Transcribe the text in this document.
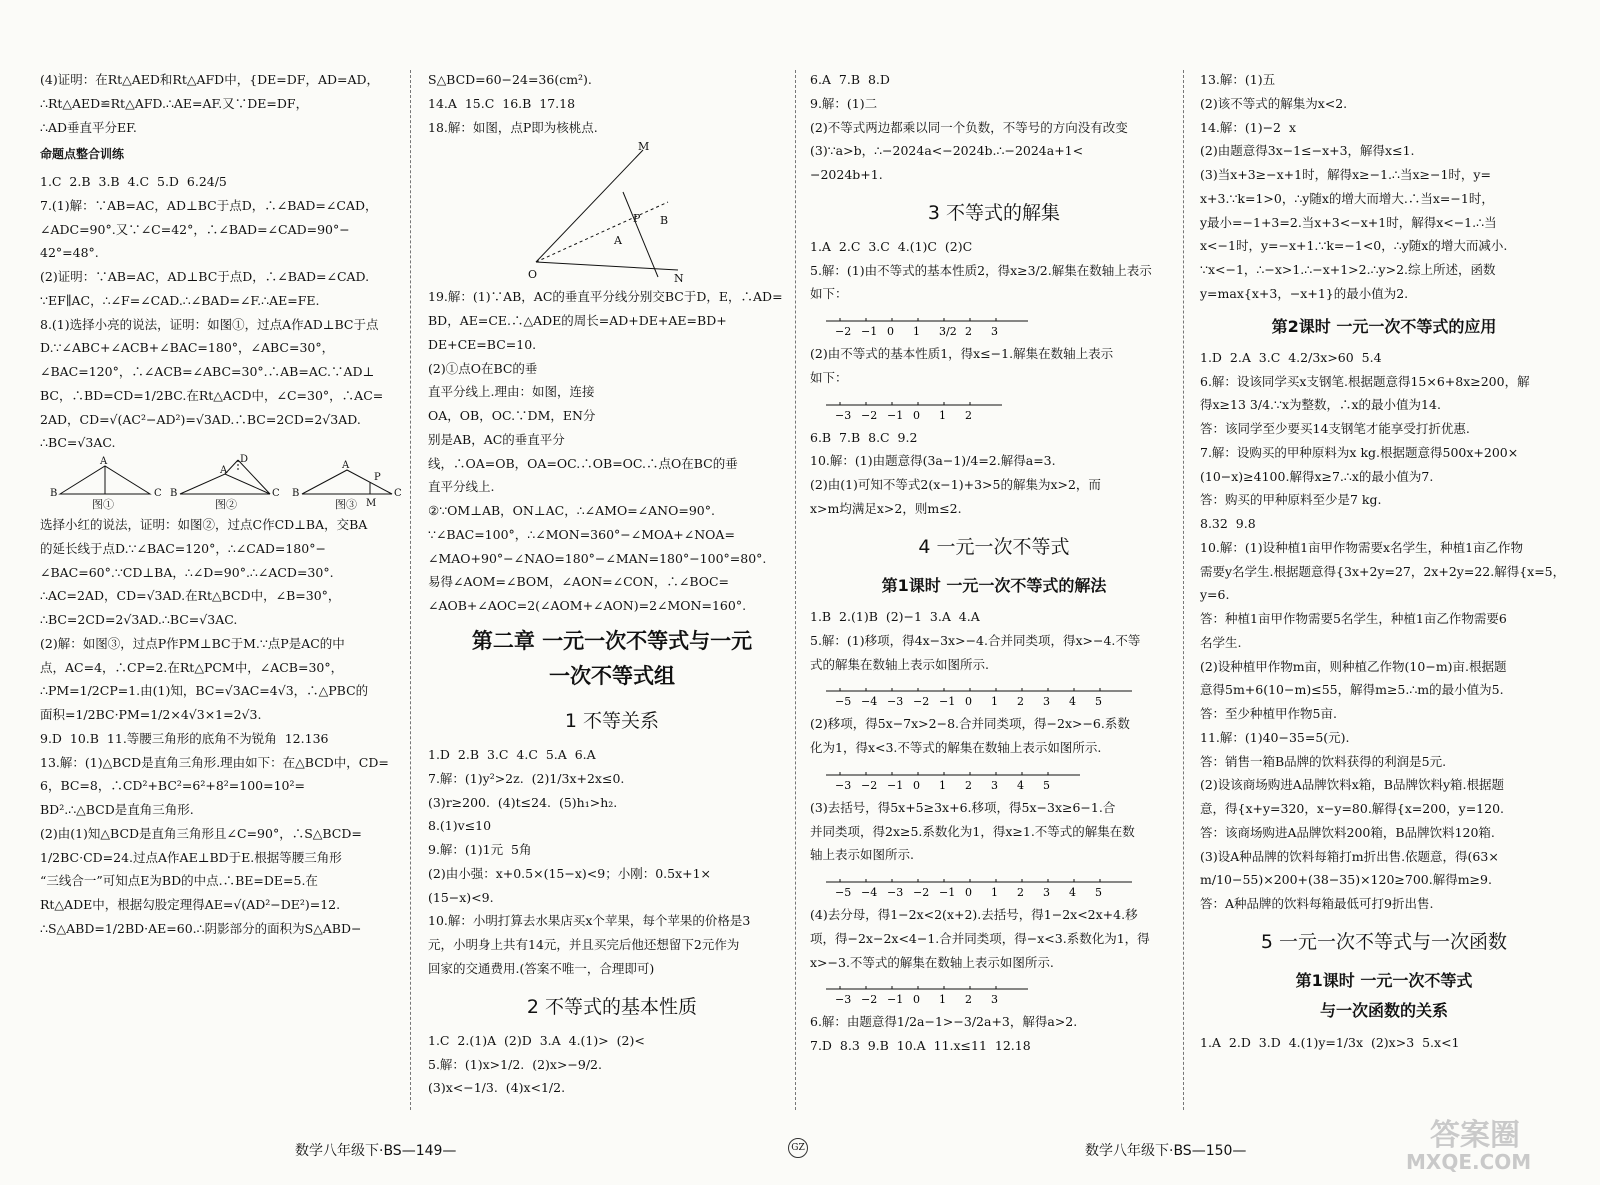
(4)证明：在Rt△AED和Rt△AFD中，{DE=DF，AD=AD，

∴Rt△AED≌Rt△AFD.∴AE=AF.又∵DE=DF，

∴AD垂直平分EF.

命题点整合训练

1.C  2.B  3.B  4.C  5.D  6.24/5

7.(1)解：∵AB=AC，AD⊥BC于点D，∴∠BAD=∠CAD，

∠ADC=90°.又∵∠C=42°，∴∠BAD=∠CAD=90°−

42°=48°.

(2)证明：∵AB=AC，AD⊥BC于点D，∴∠BAD=∠CAD.

∵EF∥AC，∴∠F=∠CAD.∴∠BAD=∠F.∴AE=FE.

8.(1)选择小亮的说法，证明：如图①，过点A作AD⊥BC于点

D.∵∠ABC+∠ACB+∠BAC=180°，∠ABC=30°，

∠BAC=120°，∴∠ACB=∠ABC=30°.∴AB=AC.∵AD⊥

BC，∴BD=CD=1/2BC.在Rt△ACD中，∠C=30°，∴AC=

2AD，CD=√(AC²−AD²)=√3AD.∴BC=2CD=2√3AD.

∴BC=√3AC.

A
B	C
A
D
B	C
A
P
B
M
C
图①	图②	图③

选择小红的说法，证明：如图②，过点C作CD⊥BA，交BA

的延长线于点D.∵∠BAC=120°，∴∠CAD=180°−

∠BAC=60°.∵CD⊥BA，∴∠D=90°.∴∠ACD=30°.

∴AC=2AD，CD=√3AD.在Rt△BCD中，∠B=30°，

∴BC=2CD=2√3AD.∴BC=√3AC.

(2)解：如图③，过点P作PM⊥BC于M.∵点P是AC的中

点，AC=4，∴CP=2.在Rt△PCM中，∠ACB=30°，

∴PM=1/2CP=1.由(1)知，BC=√3AC=4√3，∴△PBC的

面积=1/2BC·PM=1/2×4√3×1=2√3.

9.D  10.B  11.等腰三角形的底角不为锐角  12.136

13.解：(1)△BCD是直角三角形.理由如下：在△BCD中，CD=

6，BC=8，∴CD²+BC²=6²+8²=100=10²=

BD².∴△BCD是直角三角形.

(2)由(1)知△BCD是直角三角形且∠C=90°，∴S△BCD=

1/2BC·CD=24.过点A作AE⊥BD于E.根据等腰三角形

“三线合一”可知点E为BD的中点.∴BE=DE=5.在

Rt△ADE中，根据勾股定理得AE=√(AD²−DE²)=12.

∴S△ABD=1/2BD·AE=60.∴阴影部分的面积为S△ABD−

S△BCD=60−24=36(cm²).

14.A  15.C  16.B  17.18

18.解：如图，点P即为核桃点.

M
P B
A
O	N

19.解：(1)∵AB，AC的垂直平分线分别交BC于D，E，∴AD=

BD，AE=CE.∴△ADE的周长=AD+DE+AE=BD+

DE+CE=BC=10.

(2)①点O在BC的垂

直平分线上.理由：如图，连接

OA，OB，OC.∵DM，EN分

别是AB，AC的垂直平分

线，∴OA=OB，OA=OC.∴OB=OC.∴点O在BC的垂

直平分线上.

②∵OM⊥AB，ON⊥AC，∴∠AMO=∠ANO=90°.

∵∠BAC=100°，∴∠MON=360°−∠MOA+∠NOA=

∠MAO+90°−∠NAO=180°−∠MAN=180°−100°=80°.

易得∠AOM=∠BOM，∠AON=∠CON，∴∠BOC=

∠AOB+∠AOC=2(∠AOM+∠AON)=2∠MON=160°.

第二章 一元一次不等式与一元
一次不等式组
1 不等关系

1.D  2.B  3.C  4.C  5.A  6.A

7.解：(1)y²>2z.  (2)1/3x+2x≤0.

(3)r≥200.  (4)t≤24.  (5)h₁>h₂.

8.(1)v≤10

9.解：(1)1元  5角

(2)由小强：x+0.5×(15−x)<9；小刚：0.5x+1×

(15−x)<9.

10.解：小明打算去水果店买x个苹果，每个苹果的价格是3

元，小明身上共有14元，并且买完后他还想留下2元作为

回家的交通费用.(答案不唯一，合理即可)

2 不等式的基本性质

1.C  2.(1)A  (2)D  3.A  4.(1)>  (2)<

5.解：(1)x>1/2.  (2)x>−9/2.

(3)x<−1/3.  (4)x<1/2.

6.A  7.B  8.D

9.解：(1)二

(2)不等式两边都乘以同一个负数，不等号的方向没有改变

(3)∵a>b，∴−2024a<−2024b.∴−2024a+1<

−2024b+1.

3 不等式的解集

1.A  2.C  3.C  4.(1)C  (2)C

5.解：(1)由不等式的基本性质2，得x≥3/2.解集在数轴上表示

如下：

−2 −1 0 1 3/2 2 3

(2)由不等式的基本性质1，得x≤−1.解集在数轴上表示

如下：

−3 −2 −1 0 1 2

6.B  7.B  8.C  9.2

10.解：(1)由题意得(3a−1)/4=2.解得a=3.

(2)由(1)可知不等式2(x−1)+3>5的解集为x>2，而

x>m均满足x>2，则m≤2.

4 一元一次不等式
第1课时 一元一次不等式的解法

1.B  2.(1)B  (2)−1  3.A  4.A

5.解：(1)移项，得4x−3x>−4.合并同类项，得x>−4.不等

式的解集在数轴上表示如图所示.

−5 −4 −3 −2 −1 0 1 2 3 4 5

(2)移项，得5x−7x>2−8.合并同类项，得−2x>−6.系数

化为1，得x<3.不等式的解集在数轴上表示如图所示.

−3 −2 −1 0 1 2 3 4 5

(3)去括号，得5x+5≥3x+6.移项，得5x−3x≥6−1.合

并同类项，得2x≥5.系数化为1，得x≥1.不等式的解集在数

轴上表示如图所示.

−5 −4 −3 −2 −1 0 1 2 3 4 5

(4)去分母，得1−2x<2(x+2).去括号，得1−2x<2x+4.移

项，得−2x−2x<4−1.合并同类项，得−x<3.系数化为1，得

x>−3.不等式的解集在数轴上表示如图所示.

−3 −2 −1 0 1 2 3

6.解：由题意得1/2a−1>−3/2a+3，解得a>2.

7.D  8.3  9.B  10.A  11.x≤11  12.18

13.解：(1)五

(2)该不等式的解集为x<2.

14.解：(1)−2  x

(2)由题意得3x−1≤−x+3，解得x≤1.

(3)当x+3≥−x+1时，解得x≥−1.∴当x≥−1时，y=

x+3.∵k=1>0，∴y随x的增大而增大.∴当x=−1时，

y最小=−1+3=2.当x+3<−x+1时，解得x<−1.∴当

x<−1时，y=−x+1.∵k=−1<0，∴y随x的增大而减小.

∵x<−1，∴−x>1.∴−x+1>2.∴y>2.综上所述，函数

y=max{x+3，−x+1}的最小值为2.

第2课时 一元一次不等式的应用

1.D  2.A  3.C  4.2/3x>60  5.4

6.解：设该同学买x支钢笔.根据题意得15×6+8x≥200，解

得x≥13 3/4.∵x为整数，∴x的最小值为14.

答：该同学至少要买14支钢笔才能享受打折优惠.

7.解：设购买的甲种原料为x kg.根据题意得500x+200×

(10−x)≥4100.解得x≥7.∴x的最小值为7.

答：购买的甲种原料至少是7 kg.

8.32  9.8

10.解：(1)设种植1亩甲作物需要x名学生，种植1亩乙作物

需要y名学生.根据题意得{3x+2y=27，2x+2y=22.解得{x=5，y=6.

答：种植1亩甲作物需要5名学生，种植1亩乙作物需要6

名学生.

(2)设种植甲作物m亩，则种植乙作物(10−m)亩.根据题

意得5m+6(10−m)≤55，解得m≥5.∴m的最小值为5.

答：至少种植甲作物5亩.

11.解：(1)40−35=5(元).

答：销售一箱B品牌的饮料获得的利润是5元.

(2)设该商场购进A品牌饮料x箱，B品牌饮料y箱.根据题

意，得{x+y=320，x−y=80.解得{x=200，y=120.

答：该商场购进A品牌饮料200箱，B品牌饮料120箱.

(3)设A种品牌的饮料每箱打m折出售.依题意，得(63×

m/10−55)×200+(38−35)×120≥700.解得m≥9.

答：A种品牌的饮料每箱最低可打9折出售.

5 一元一次不等式与一次函数
第1课时 一元一次不等式
与一次函数的关系

1.A  2.D  3.D  4.(1)y=1/3x  (2)x>3  5.x<1

数学八年级下·BS—149—	GZ	数学八年级下·BS—150—	答案圈
MXQE.COM
